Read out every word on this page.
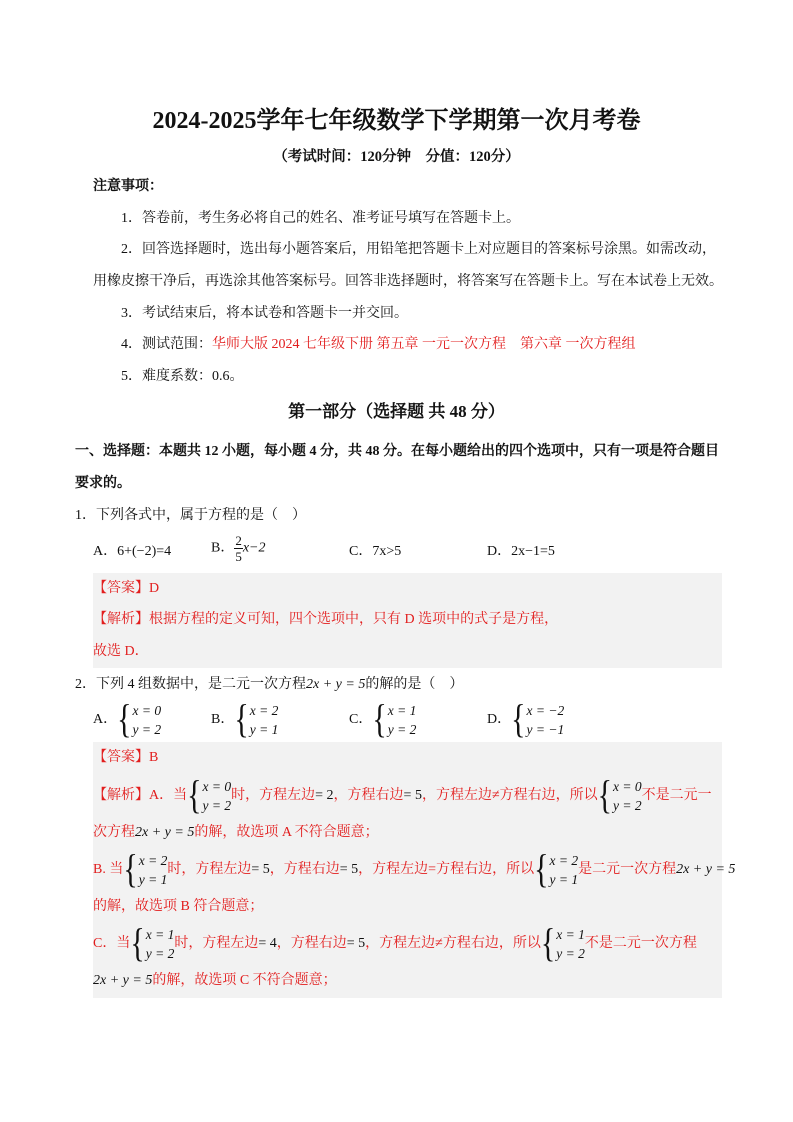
2024-2025学年七年级数学下学期第一次月考卷
（考试时间：120分钟　分值：120分）
注意事项：
1．答卷前，考生务必将自己的姓名、准考证号填写在答题卡上。
2．回答选择题时，选出每小题答案后，用铅笔把答题卡上对应题目的答案标号涂黑。如需改动，
用橡皮擦干净后，再选涂其他答案标号。回答非选择题时，将答案写在答题卡上。写在本试卷上无效。
3．考试结束后，将本试卷和答题卡一并交回。
4．测试范围：华师大版 2024 七年级下册 第五章 一元一次方程　第六章 一次方程组
5．难度系数：0.6。
第一部分（选择题 共 48 分）
一、选择题：本题共 12 小题，每小题 4 分，共 48 分。在每小题给出的四个选项中，只有一项是符合题目
要求的。
1．下列各式中，属于方程的是（　）
A．6+(−2)=4	B． $\frac{2}{5} x-2$	C．7x>5	D．2x−1=5
【答案】D
【解析】根据方程的定义可知，四个选项中，只有 D 选项中的式子是方程，
故选 D．
2．下列 4 组数据中，是二元一次方程2x + y = 5的解的是（　）
A． { x = 0
y = 2
B． { x = 2
y = 1
C． { x = 1
y = 2
D． { x = −2
y = −1
【答案】B
【解析】A．当 { x = 0
y = 2
时，方程左边= 2，方程右边= 5，方程左边≠方程右边，所以 { x = 0
y = 2
不是二元一
次方程2x + y = 5的解，故选项 A 不符合题意；
B. 当 { x = 2
y = 1
时，方程左边= 5，方程右边= 5，方程左边=方程右边，所以 { x = 2
y = 1
是二元一次方程2x + y = 5
的解，故选项 B 符合题意；
C．当 { x = 1
y = 2
时，方程左边= 4，方程右边= 5，方程左边≠方程右边，所以 { x = 1
y = 2
不是二元一次方程
2x + y = 5的解，故选项 C 不符合题意；
